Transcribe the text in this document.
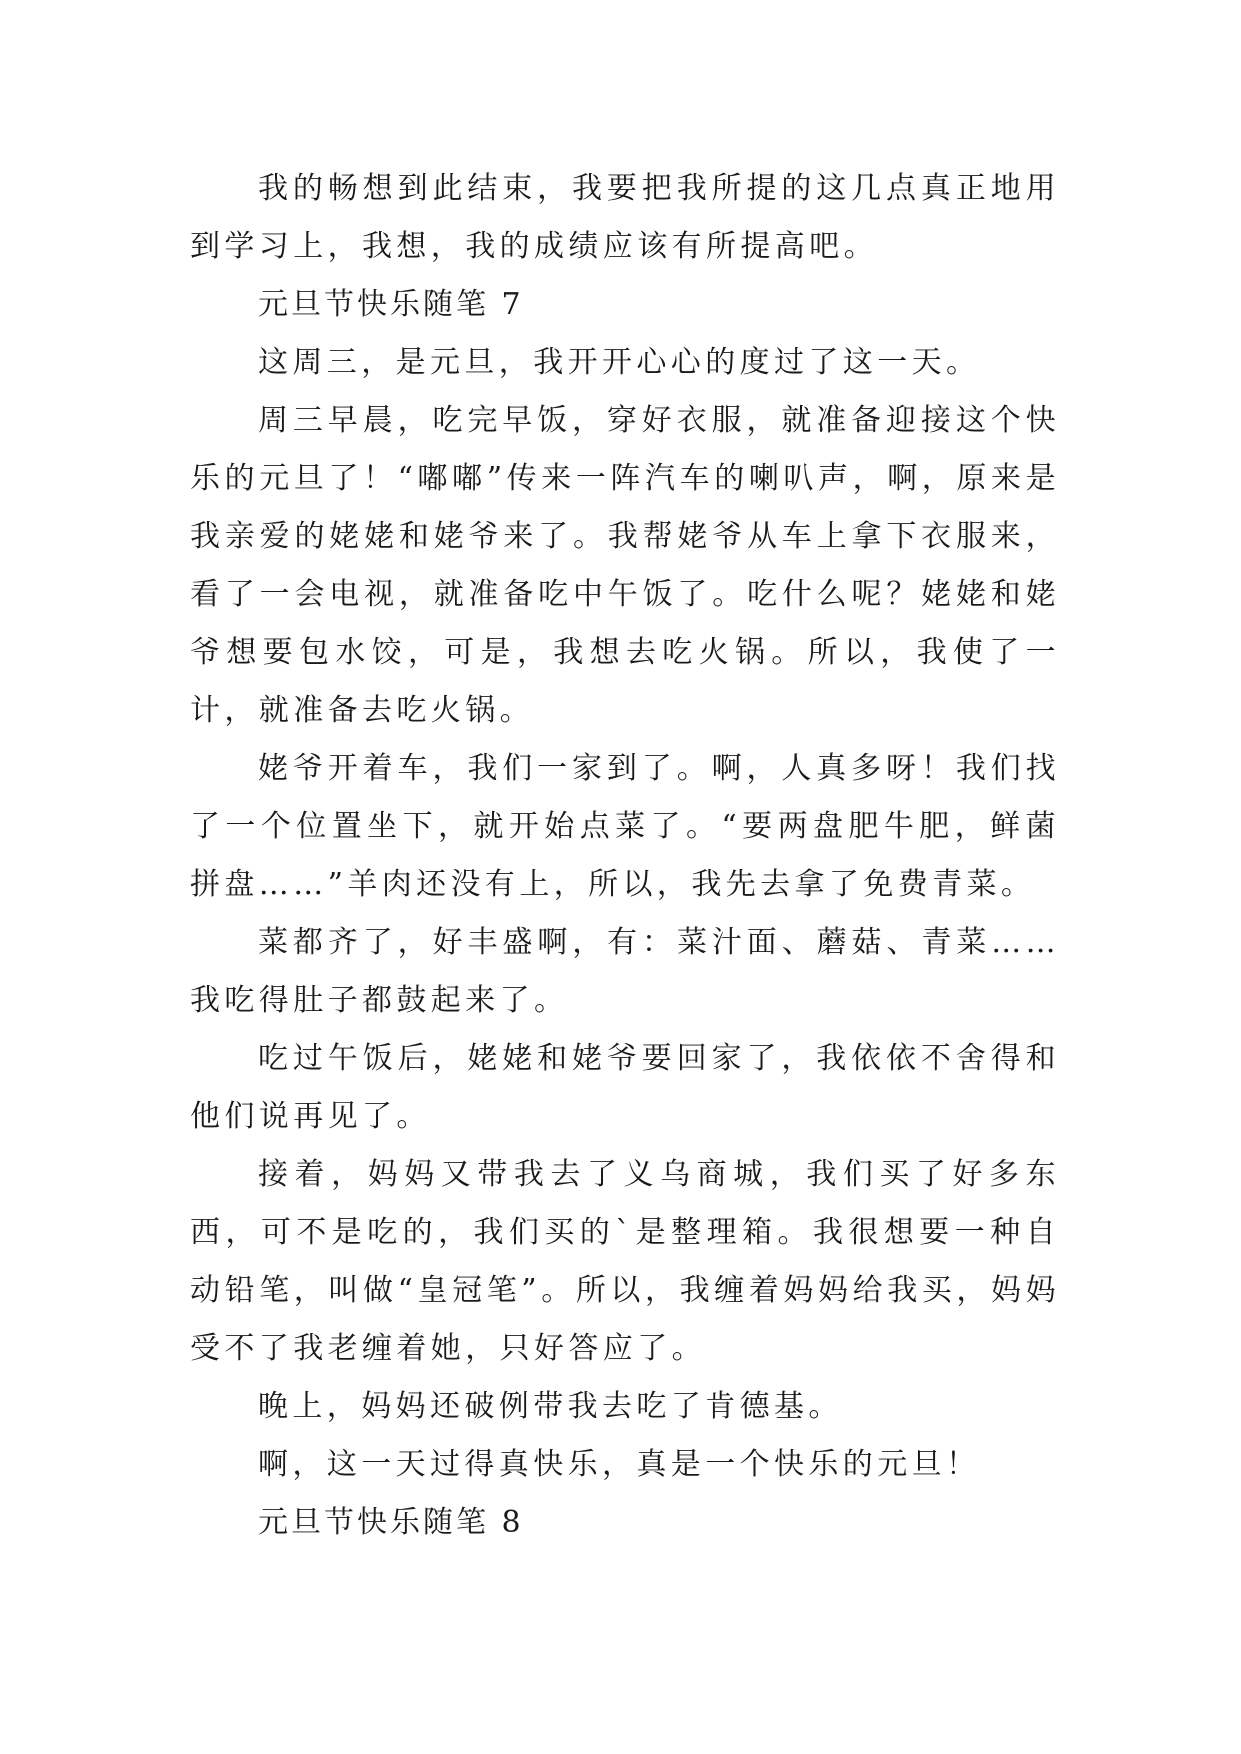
我的畅想到此结束，我要把我所提的这几点真正地用到学习上，我想，我的成绩应该有所提高吧。

元旦节快乐随笔 7

这周三，是元旦，我开开心心的度过了这一天。

周三早晨，吃完早饭，穿好衣服，就准备迎接这个快乐的元旦了！“嘟嘟”传来一阵汽车的喇叭声，啊，原来是我亲爱的姥姥和姥爷来了。我帮姥爷从车上拿下衣服来，看了一会电视，就准备吃中午饭了。吃什么呢？姥姥和姥爷想要包水饺，可是，我想去吃火锅。所以，我使了一计，就准备去吃火锅。

姥爷开着车，我们一家到了。啊，人真多呀！我们找了一个位置坐下，就开始点菜了。“要两盘肥牛肥，鲜菌拼盘……”羊肉还没有上，所以，我先去拿了免费青菜。

菜都齐了，好丰盛啊，有：菜汁面、蘑菇、青菜……我吃得肚子都鼓起来了。

吃过午饭后，姥姥和姥爷要回家了，我依依不舍得和他们说再见了。

接着，妈妈又带我去了义乌商城，我们买了好多东西，可不是吃的，我们买的`是整理箱。我很想要一种自动铅笔，叫做“皇冠笔”。所以，我缠着妈妈给我买，妈妈受不了我老缠着她，只好答应了。

晚上，妈妈还破例带我去吃了肯德基。

啊，这一天过得真快乐，真是一个快乐的元旦！

元旦节快乐随笔 8
